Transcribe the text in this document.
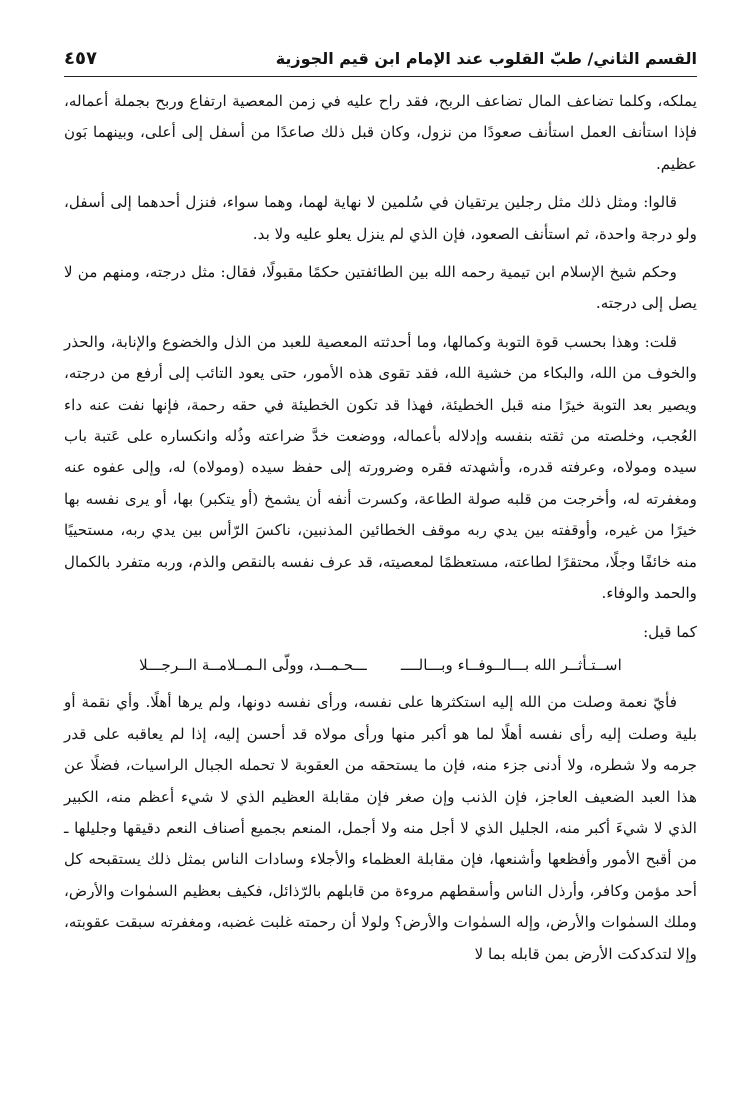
القسم الثاني/ طبّ القلوب عند الإمام ابن قيم الجوزية
٤٥٧

يملكه، وكلما تضاعف المال تضاعف الربح، فقد راح عليه في زمن المعصية ارتفاع وربح بجملة أعماله، فإذا استأنف العمل استأنف صعودًا من نزول، وكان قبل ذلك صاعدًا من أسفل إلى أعلى، وبينهما بَون عظيم.

قالوا: ومثل ذلك مثل رجلين يرتقيان في سُلمين لا نهاية لهما، وهما سواء، فنزل أحدهما إلى أسفل، ولو درجة واحدة، ثم استأنف الصعود، فإن الذي لم ينزل يعلو عليه ولا بد.

وحكم شيخ الإسلام ابن تيمية رحمه الله بين الطائفتين حكمًا مقبولًا، فقال: مثل درجته، ومنهم من لا يصل إلى درجته.

قلت: وهذا بحسب قوة التوبة وكمالها، وما أحدثته المعصية للعبد من الذل والخضوع والإنابة، والحذر والخوف من الله، والبكاء من خشية الله، فقد تقوى هذه الأمور، حتى يعود التائب إلى أرفع من درجته، ويصير بعد التوبة خيرًا منه قبل الخطيئة، فهذا قد تكون الخطيئة في حقه رحمة، فإنها نفت عنه داء العُجب، وخلصته من ثقته بنفسه وإدلاله بأعماله، ووضعت خدَّ ضراعته وذُله وانكساره على عَتبة باب سيده ومولاه، وعرفته قدره، وأشهدته فقره وضرورته إلى حفظ سيده (ومولاه) له، وإلى عفوه عنه ومغفرته له، وأخرجت من قلبه صولة الطاعة، وكسرت أنفه أن يشمخ (أو يتكبر) بها، أو يرى نفسه بها خيرًا من غيره، وأوقفته بين يدي ربه موقف الخطائين المذنبين، ناكسَ الرّأس بين يدي ربه، مستحييًا منه خائفًا وجلًا، محتقرًا لطاعته، مستعظمًا لمعصيته، قد عرف نفسه بالنقص والذم، وربه متفرد بالكمال والحمد والوفاء.

كما قيل:

اســتـأثــر الله بـــالــوفــاء وبـــالــــ
ـــحـمــد، وولّى الـمــلامــة الــرجـــلا

فأيّ نعمة وصلت من الله إليه استكثرها على نفسه، ورأى نفسه دونها، ولم يرها أهلًا. وأي نقمة أو بلية وصلت إليه رأى نفسه أهلًا لما هو أكبر منها ورأى مولاه قد أحسن إليه، إذا لم يعاقبه على قدر جرمه ولا شطره، ولا أدنى جزء منه، فإن ما يستحقه من العقوبة لا تحمله الجبال الراسيات، فضلًا عن هذا العبد الضعيف العاجز، فإن الذنب وإن صغر فإن مقابلة العظيم الذي لا شيء أعظم منه، الكبير الذي لا شيءَ أكبر منه، الجليل الذي لا أجل منه ولا أجمل، المنعم بجميع أصناف النعم دقيقها وجليلها ـ من أقبح الأمور وأفظعها وأشنعها، فإن مقابلة العظماء والأجلاء وسادات الناس بمثل ذلك يستقبحه كل أحد مؤمن وكافر، وأرذل الناس وأسقطهم مروءة من قابلهم بالرّذائل، فكيف بعظيم السمٰوات والأرض، وملك السمٰوات والأرض، وإله السمٰوات والأرض؟ ولولا أن رحمته غلبت غضبه، ومغفرته سبقت عقوبته، وإلا لتدكدكت الأرض بمن قابله بما لا
